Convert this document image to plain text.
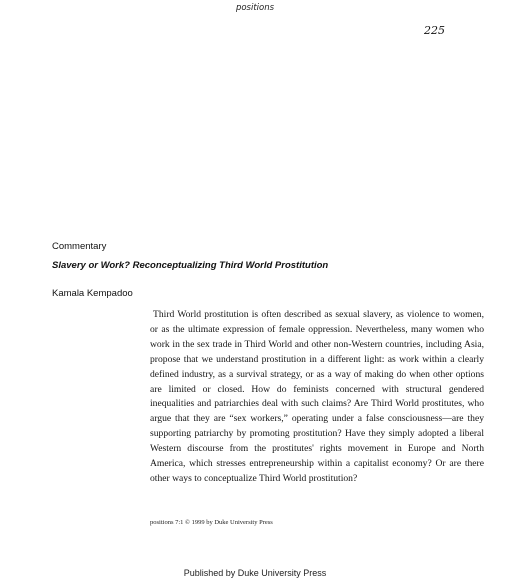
positions
225
Commentary
Slavery or Work? Reconceptualizing Third World Prostitution
Kamala Kempadoo

Third World prostitution is often described as sexual slavery, as violence to women, or as the ultimate expression of female oppression. Nevertheless, many women who work in the sex trade in Third World and other non-Western countries, including Asia, propose that we understand prostitution in a different light: as work within a clearly defined industry, as a survival strategy, or as a way of making do when other options are limited or closed. How do feminists concerned with structural gendered inequalities and patriarchies deal with such claims? Are Third World prostitutes, who argue that they are “sex workers,” operating under a false consciousness—are they supporting patriarchy by promoting prostitution? Have they simply adopted a liberal Western discourse from the prostitutes' rights movement in Europe and North America, which stresses entrepreneurship within a capitalist economy? Or are there other ways to conceptualize Third World prostitution?

positions 7:1 © 1999 by Duke University Press
Published by Duke University Press
